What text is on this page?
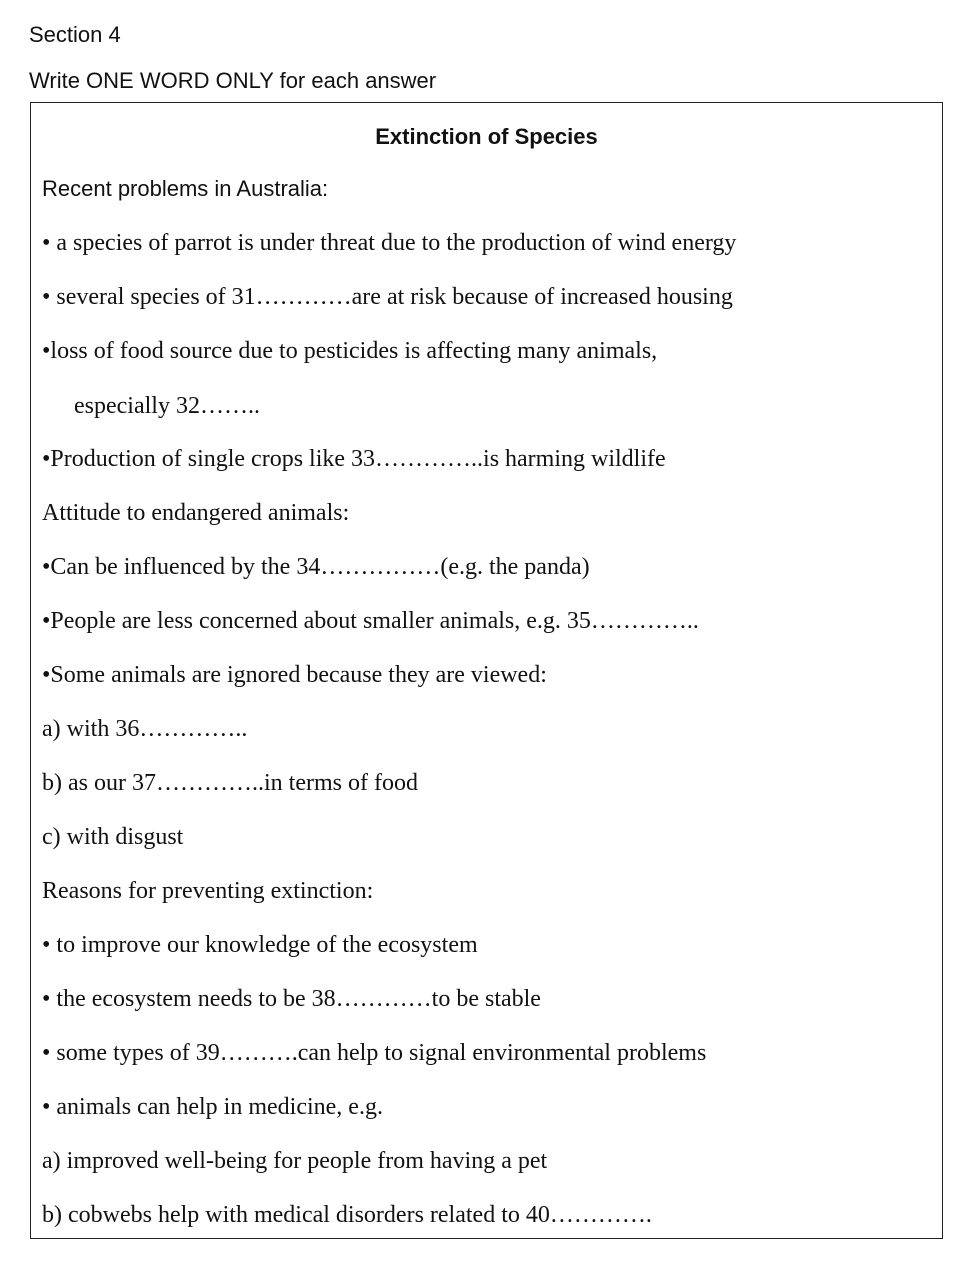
Section 4
Write ONE WORD ONLY for each answer
Extinction of Species
Recent problems in Australia:
• a species of parrot is under threat due to the production of wind energy
• several species of 31…………are at risk because of increased housing
•loss of food source due to pesticides is affecting many animals,
especially 32……..
•Production of single crops like 33…………..is harming wildlife
Attitude to endangered animals:
•Can be influenced by the 34……………(e.g. the panda)
•People are less concerned about smaller animals, e.g. 35…………..
•Some animals are ignored because they are viewed:
a) with 36…………..
b) as our 37…………..in terms of food
c) with disgust
Reasons for preventing extinction:
• to improve our knowledge of the ecosystem
• the ecosystem needs to be 38…………to be stable
• some types of 39……….can help to signal environmental problems
• animals can help in medicine, e.g.
a) improved well-being for people from having a pet
b) cobwebs help with medical disorders related to 40………….
